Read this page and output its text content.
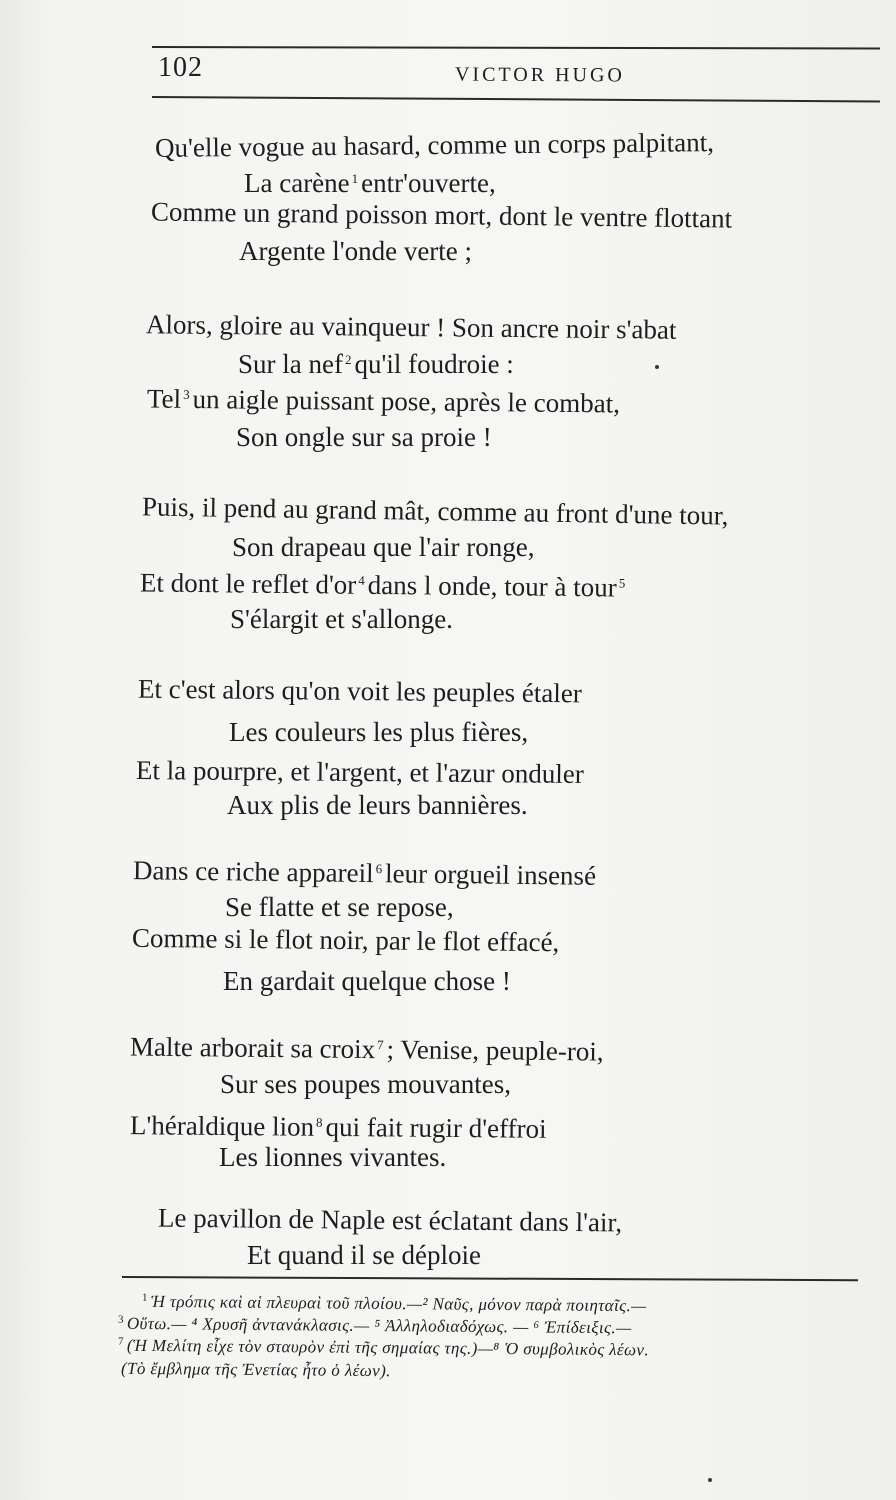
102	VICTOR HUGO
Qu'elle vogue au hasard, comme un corps palpitant,
La carène $^1$ entr'ouverte,
Comme un grand poisson mort, dont le ventre flottant
Argente l'onde verte ;
Alors, gloire au vainqueur ! Son ancre noir s'abat
Sur la nef $^2$ qu'il foudroie :
Tel $^3$ un aigle puissant pose, après le combat,
Son ongle sur sa proie !
Puis, il pend au grand mât, comme au front d'une tour,
Son drapeau que l'air ronge,
Et dont le reflet d'or $^4$ dans l onde, tour à tour $^5$
S'élargit et s'allonge.
Et c'est alors qu'on voit les peuples étaler
Les couleurs les plus fières,
Et la pourpre, et l'argent, et l'azur onduler
Aux plis de leurs bannières.
Dans ce riche appareil $^6$leur orgueil insensé
Se flatte et se repose,
Comme si le flot noir, par le flot effacé,
En gardait quelque chose !
Malte arborait sa croix $^7$ ; Venise, peuple-roi,
Sur ses poupes mouvantes,
L'héraldique lion $^8$ qui fait rugir d'effroi
Les lionnes vivantes.
Le pavillon de Naple est éclatant dans l'air,
Et quand il se déploie
$^1$ Ἡ τρόπις καὶ αἱ πλευραὶ τοῦ πλοίου.—² Ναῦς, μόνον παρὰ ποιηταῖς.—
$^3$ Οὕτω.— ⁴ Χρυσῆ ἀντανάκλασις.— ⁵ Ἀλληλοδιαδόχως. — ⁶ Ἐπίδειξις.—
$^7$ (Ἡ Μελίτη εἶχε τὸν σταυρὸν ἐπὶ τῆς σημαίας της.)—⁸ Ὁ συμβολικὸς λέων.
(Τὸ ἔμβλημα τῆς Ἐνετίας ἦτο ὁ λέων).
